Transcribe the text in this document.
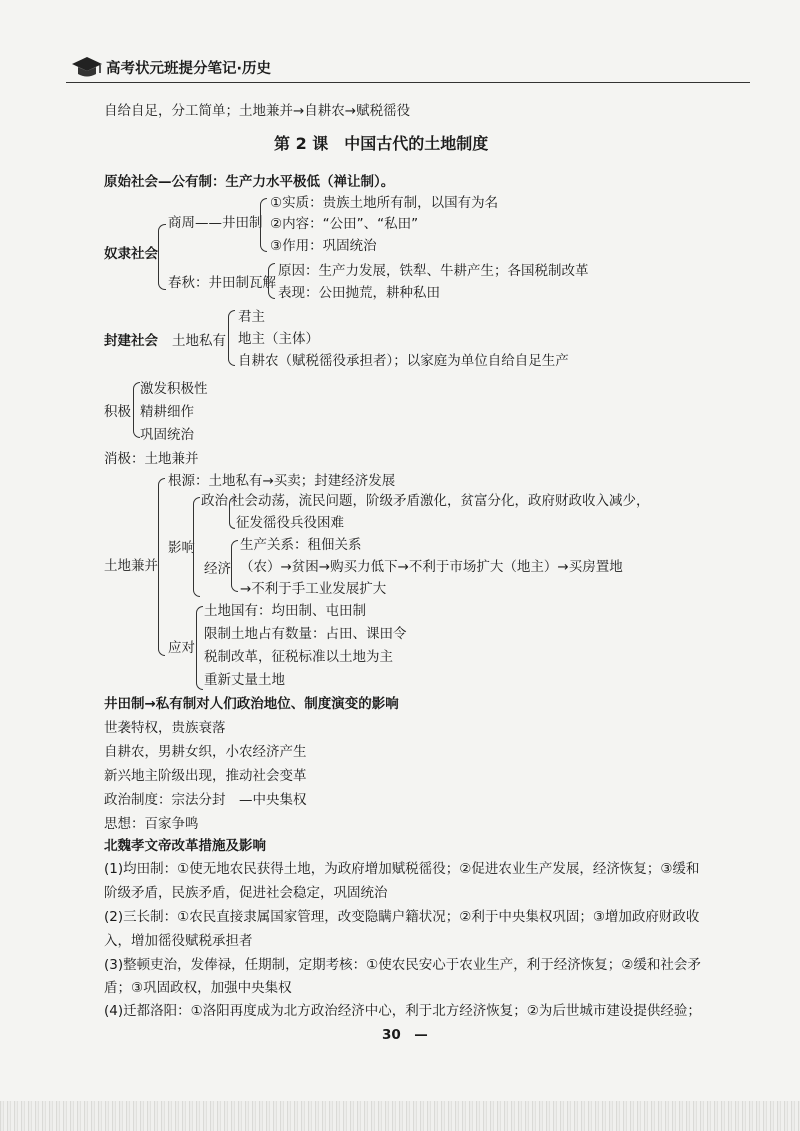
高考状元班提分笔记·历史
自给自足，分工简单；土地兼并→自耕农→赋税徭役
第 2 课　中国古代的土地制度
原始社会—公有制：生产力水平极低（禅让制）。
奴隶社会
商周——井田制
①实质：贵族土地所有制，以国有为名
②内容：“公田”、“私田”
③作用：巩固统治
春秋：井田制瓦解
原因：生产力发展，铁犁、牛耕产生；各国税制改革
表现：公田抛荒，耕种私田
封建社会 土地私有
君主
地主（主体）
自耕农（赋税徭役承担者）；以家庭为单位自给自足生产
积极
激发积极性
精耕细作
巩固统治
消极：土地兼并
土地兼并
根源：土地私有→买卖；封建经济发展
影响
政治 社会动荡，流民问题，阶级矛盾激化，贫富分化，政府财政收入减少，
征发徭役兵役困难
经济
生产关系：租佃关系
（农）→贫困→购买力低下→不利于市场扩大（地主）→买房置地
→不利于手工业发展扩大
应对
土地国有：均田制、屯田制
限制土地占有数量：占田、课田令
税制改革，征税标准以土地为主
重新丈量土地
井田制→私有制对人们政治地位、制度演变的影响
世袭特权，贵族衰落
自耕农，男耕女织，小农经济产生
新兴地主阶级出现，推动社会变革
政治制度：宗法分封　—中央集权
思想：百家争鸣
北魏孝文帝改革措施及影响
(1)均田制：①使无地农民获得土地，为政府增加赋税徭役；②促进农业生产发展，经济恢复；③缓和
阶级矛盾，民族矛盾，促进社会稳定，巩固统治
(2)三长制：①农民直接隶属国家管理，改变隐瞒户籍状况；②利于中央集权巩固；③增加政府财政收
入，增加徭役赋税承担者
(3)整顿吏治，发俸禄，任期制，定期考核：①使农民安心于农业生产，利于经济恢复；②缓和社会矛
盾；③巩固政权，加强中央集权
(4)迁都洛阳：①洛阳再度成为北方政治经济中心，利于北方经济恢复；②为后世城市建设提供经验；
30　—
